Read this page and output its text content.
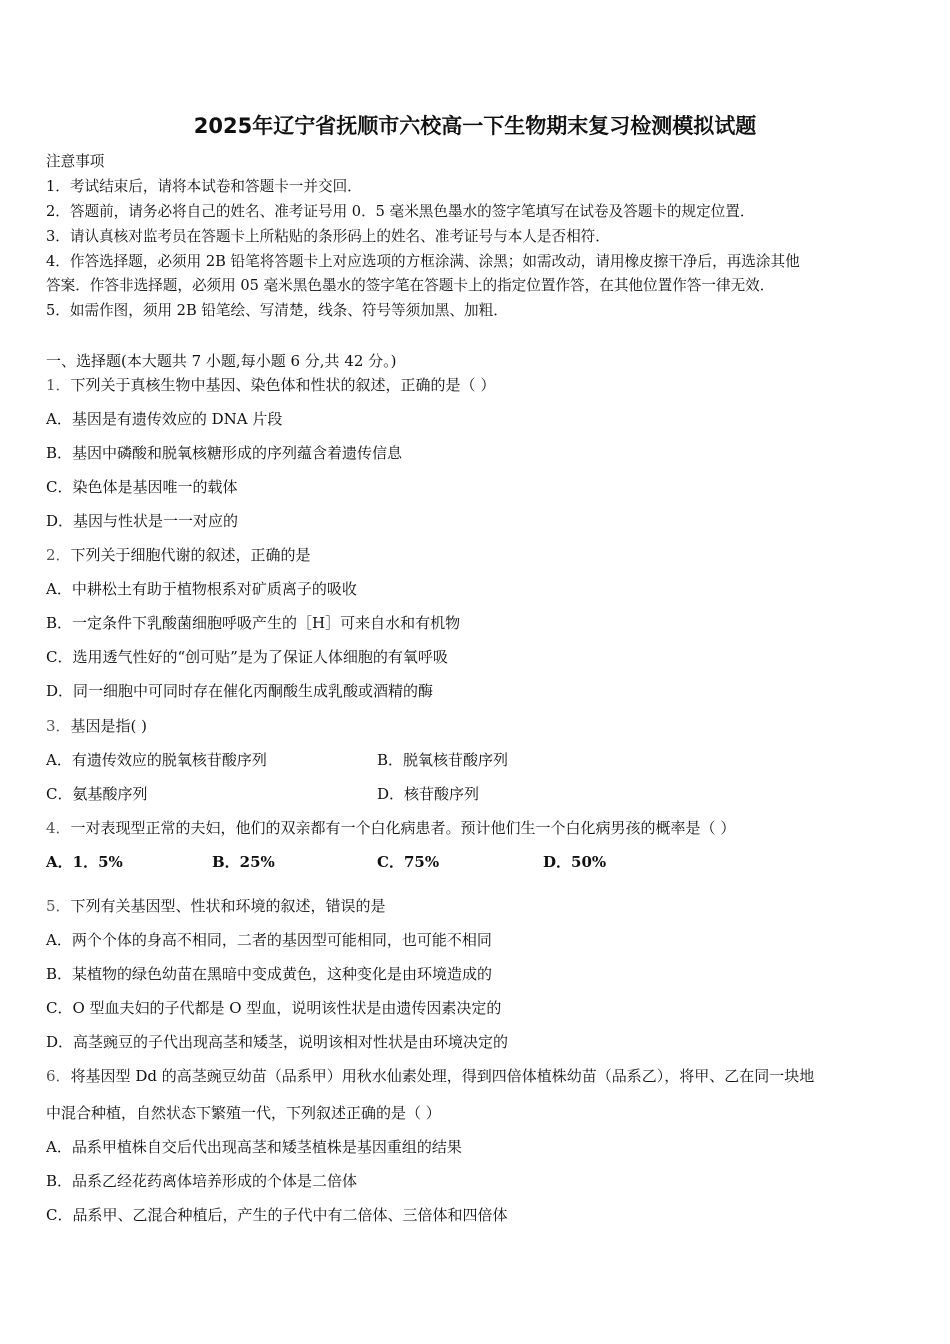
2025年辽宁省抚顺市六校高一下生物期末复习检测模拟试题
注意事项
1．考试结束后，请将本试卷和答题卡一并交回．
2．答题前，请务必将自己的姓名、准考证号用 0．5 毫米黑色墨水的签字笔填写在试卷及答题卡的规定位置．
3．请认真核对监考员在答题卡上所粘贴的条形码上的姓名、准考证号与本人是否相符．
4．作答选择题，必须用 2B 铅笔将答题卡上对应选项的方框涂满、涂黑；如需改动，请用橡皮擦干净后，再选涂其他
答案．作答非选择题，必须用 05 毫米黑色墨水的签字笔在答题卡上的指定位置作答，在其他位置作答一律无效．
5．如需作图，须用 2B 铅笔绘、写清楚，线条、符号等须加黑、加粗．
一、选择题(本大题共 7 小题,每小题 6 分,共 42 分。)
1．下列关于真核生物中基因、染色体和性状的叙述，正确的是（ ）
A．基因是有遗传效应的 DNA 片段
B．基因中磷酸和脱氧核糖形成的序列蕴含着遗传信息
C．染色体是基因唯一的载体
D．基因与性状是一一对应的
2．下列关于细胞代谢的叙述，正确的是
A．中耕松土有助于植物根系对矿质离子的吸收
B．一定条件下乳酸菌细胞呼吸产生的［H］可来自水和有机物
C．选用透气性好的“创可贴”是为了保证人体细胞的有氧呼吸
D．同一细胞中可同时存在催化丙酮酸生成乳酸或酒精的酶
3．基因是指( )
A．有遗传效应的脱氧核苷酸序列	B．脱氧核苷酸序列
C．氨基酸序列	D．核苷酸序列
4．一对表现型正常的夫妇，他们的双亲都有一个白化病患者。预计他们生一个白化病男孩的概率是（ ）
A．1．5%	B．25%	C．75%	D．50%
5．下列有关基因型、性状和环境的叙述，错误的是
A．两个个体的身高不相同，二者的基因型可能相同，也可能不相同
B．某植物的绿色幼苗在黑暗中变成黄色，这种变化是由环境造成的
C．O 型血夫妇的子代都是 O 型血，说明该性状是由遗传因素决定的
D．高茎豌豆的子代出现高茎和矮茎，说明该相对性状是由环境决定的
6．将基因型 Dd 的高茎豌豆幼苗（品系甲）用秋水仙素处理，得到四倍体植株幼苗（品系乙），将甲、乙在同一块地
中混合种植，自然状态下繁殖一代，下列叙述正确的是（ ）
A．品系甲植株自交后代出现高茎和矮茎植株是基因重组的结果
B．品系乙经花药离体培养形成的个体是二倍体
C．品系甲、乙混合种植后，产生的子代中有二倍体、三倍体和四倍体
